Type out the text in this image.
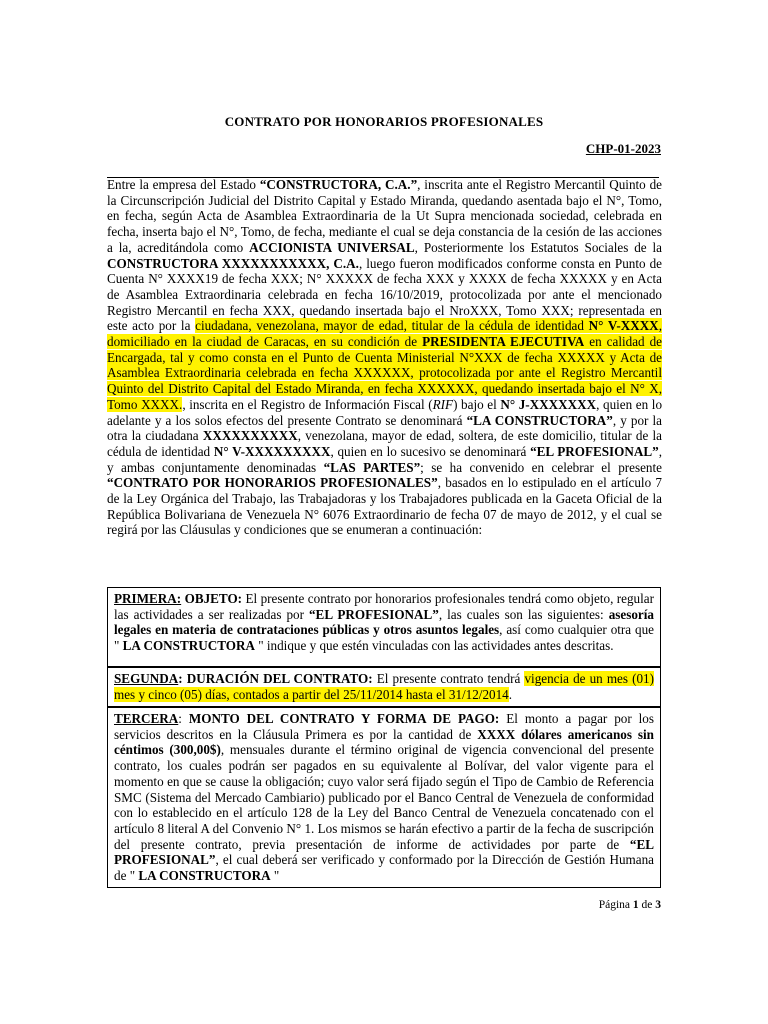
CONTRATO POR HONORARIOS PROFESIONALES
CHP-01-2023
Entre la empresa del Estado “CONSTRUCTORA, C.A.”, inscrita ante el Registro Mercantil Quinto de la Circunscripción Judicial del Distrito Capital y Estado Miranda, quedando asentada bajo el N°, Tomo, en fecha, según Acta de Asamblea Extraordinaria de la Ut Supra mencionada sociedad, celebrada en fecha, inserta bajo el N°, Tomo, de fecha, mediante el cual se deja constancia de la cesión de las acciones a la, acreditándola como ACCIONISTA UNIVERSAL, Posteriormente los Estatutos Sociales de la CONSTRUCTORA XXXXXXXXXXX, C.A., luego fueron modificados conforme consta en Punto de Cuenta N° XXXX19 de fecha XXX; N° XXXXX de fecha XXX y XXXX de fecha XXXXX y en Acta de Asamblea Extraordinaria celebrada en fecha 16/10/2019, protocolizada por ante el mencionado Registro Mercantil en fecha XXX, quedando insertada bajo el NroXXX, Tomo XXX; representada en este acto por la ciudadana, venezolana, mayor de edad, titular de la cédula de identidad N° V-XXXX, domiciliado en la ciudad de Caracas, en su condición de PRESIDENTA EJECUTIVA en calidad de Encargada, tal y como consta en el Punto de Cuenta Ministerial N°XXX de fecha XXXXX y Acta de Asamblea Extraordinaria celebrada en fecha XXXXXX, protocolizada por ante el Registro Mercantil Quinto del Distrito Capital del Estado Miranda, en fecha XXXXXX, quedando insertada bajo el N° X, Tomo XXXX., inscrita en el Registro de Información Fiscal (RIF) bajo el N° J-XXXXXXX, quien en lo adelante y a los solos efectos del presente Contrato se denominará “LA CONSTRUCTORA”, y por la otra la ciudadana XXXXXXXXXX, venezolana, mayor de edad, soltera, de este domicilio, titular de la cédula de identidad N° V-XXXXXXXXX, quien en lo sucesivo se denominará “EL PROFESIONAL”, y ambas conjuntamente denominadas “LAS PARTES”; se ha convenido en celebrar el presente “CONTRATO POR HONORARIOS PROFESIONALES”, basados en lo estipulado en el artículo 7 de la Ley Orgánica del Trabajo, las Trabajadoras y los Trabajadores publicada en la Gaceta Oficial de la República Bolivariana de Venezuela N° 6076 Extraordinario de fecha 07 de mayo de 2012, y el cual se regirá por las Cláusulas y condiciones que se enumeran a continuación:
PRIMERA: OBJETO: El presente contrato por honorarios profesionales tendrá como objeto, regular las actividades a ser realizadas por “EL PROFESIONAL”, las cuales son las siguientes: asesoría legales en materia de contrataciones públicas y otros asuntos legales, así como cualquier otra que " LA CONSTRUCTORA " indique y que estén vinculadas con las actividades antes descritas.
SEGUNDA: DURACIÓN DEL CONTRATO: El presente contrato tendrá vigencia de un mes (01) mes y cinco (05) días, contados a partir del 25/11/2014 hasta el 31/12/2014.
TERCERA: MONTO DEL CONTRATO Y FORMA DE PAGO: El monto a pagar por los servicios descritos en la Cláusula Primera es por la cantidad de XXXX dólares americanos sin céntimos (300,00$), mensuales durante el término original de vigencia convencional del presente contrato, los cuales podrán ser pagados en su equivalente al Bolívar, del valor vigente para el momento en que se cause la obligación; cuyo valor será fijado según el Tipo de Cambio de Referencia SMC (Sistema del Mercado Cambiario) publicado por el Banco Central de Venezuela de conformidad con lo establecido en el artículo 128 de la Ley del Banco Central de Venezuela concatenado con el artículo 8 literal A del Convenio N° 1. Los mismos se harán efectivo a partir de la fecha de suscripción del presente contrato, previa presentación de informe de actividades por parte de “EL PROFESIONAL”, el cual deberá ser verificado y conformado por la Dirección de Gestión Humana de " LA CONSTRUCTORA "
Página 1 de 3
